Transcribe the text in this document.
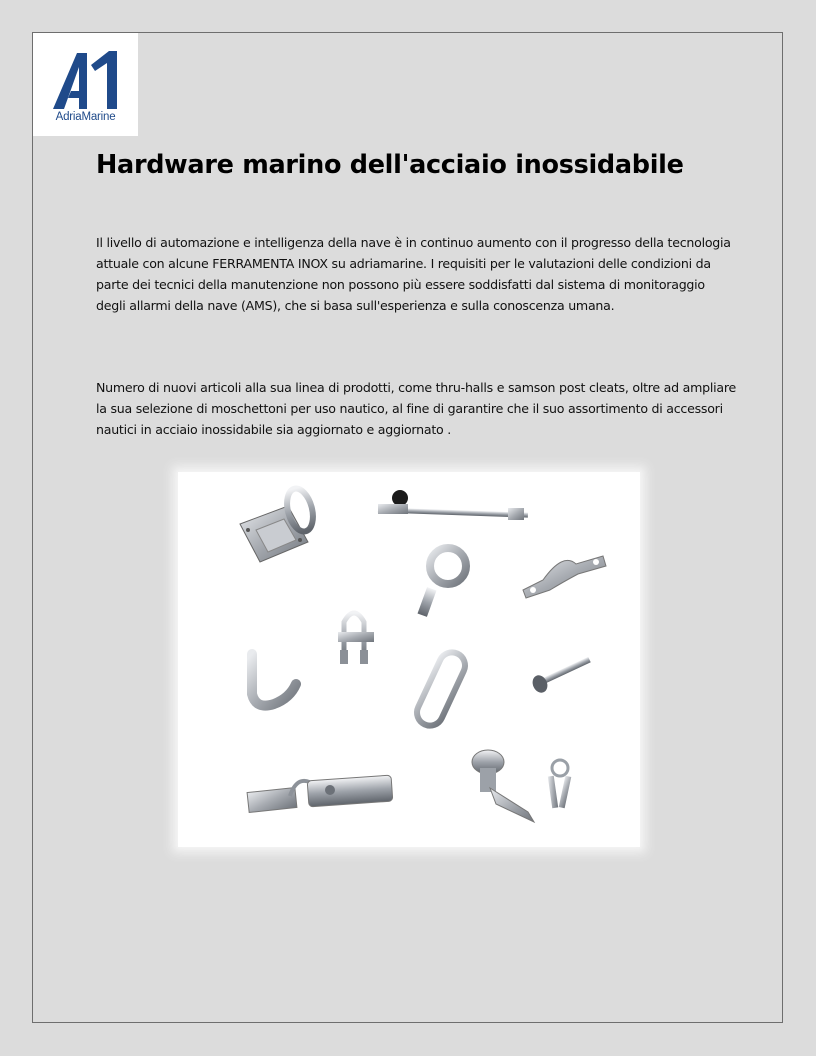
AdriaMarine
Hardware marino dell'acciaio inossidabile

Il livello di automazione e intelligenza della nave è in continuo aumento con il progresso della tecnologia attuale con alcune FERRAMENTA INOX su adriamarine. I requisiti per le valutazioni delle condizioni da parte dei tecnici della manutenzione non possono più essere soddisfatti dal sistema di monitoraggio degli allarmi della nave (AMS), che si basa sull'esperienza e sulla conoscenza umana.

Numero di nuovi articoli alla sua linea di prodotti, come thru-halls e samson post cleats, oltre ad ampliare la sua selezione di moschettoni per uso nautico, al fine di garantire che il suo assortimento di accessori nautici in acciaio inossidabile sia aggiornato e aggiornato .
